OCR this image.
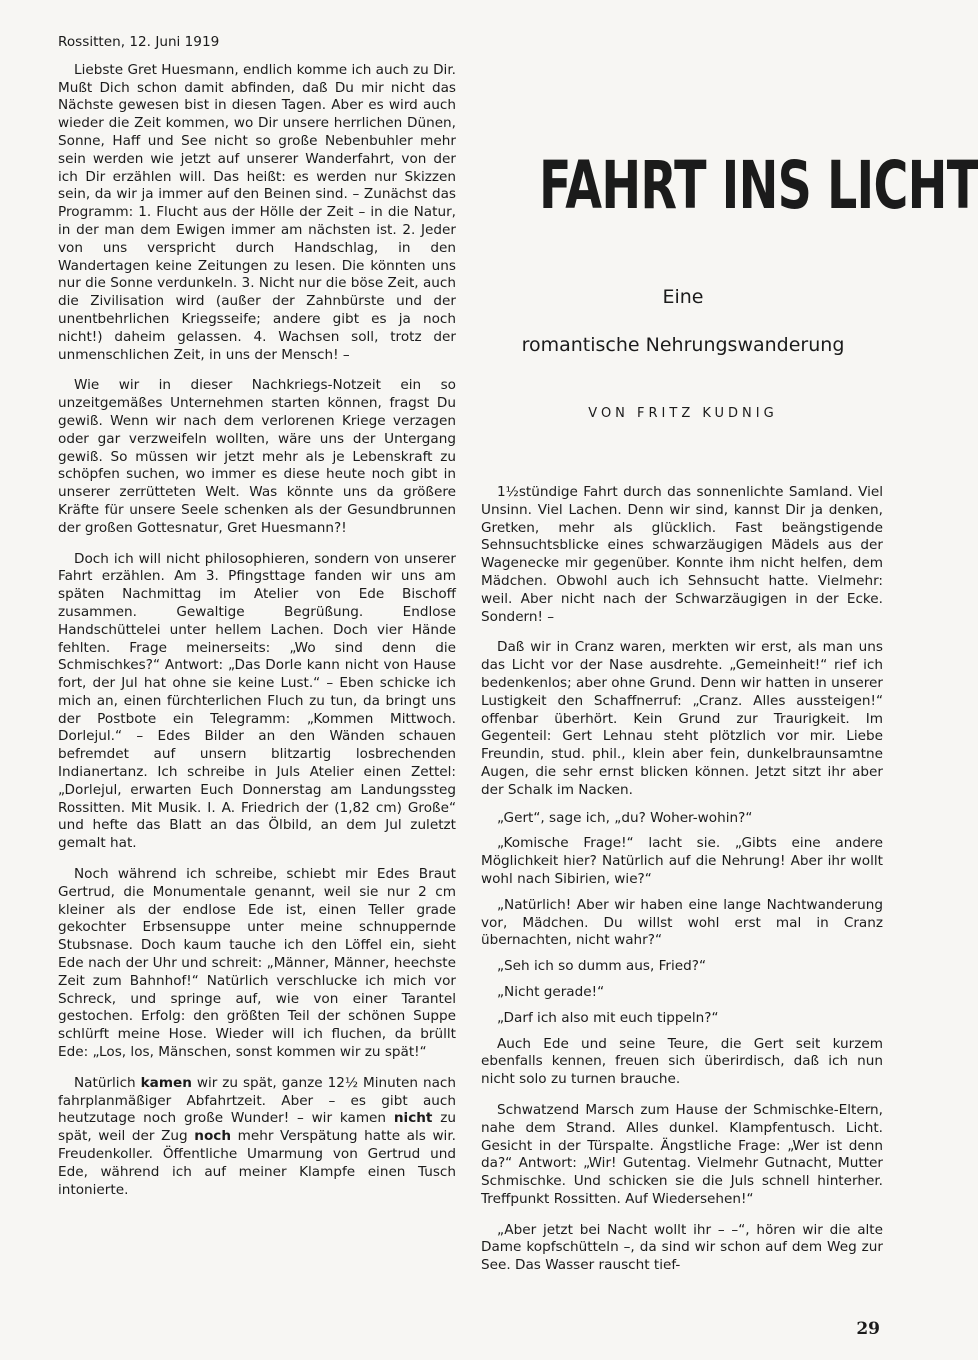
Rossitten, 12. Juni 1919

Liebste Gret Huesmann, endlich komme ich auch zu Dir. Mußt Dich schon damit abfinden, daß Du mir nicht das Nächste gewesen bist in diesen Tagen. Aber es wird auch wieder die Zeit kommen, wo Dir unsere herrlichen Dünen, Sonne, Haff und See nicht so große Nebenbuhler mehr sein werden wie jetzt auf unserer Wanderfahrt, von der ich Dir erzählen will. Das heißt: es werden nur Skizzen sein, da wir ja immer auf den Beinen sind. – Zunächst das Programm: 1. Flucht aus der Hölle der Zeit – in die Natur, in der man dem Ewigen immer am nächsten ist. 2. Jeder von uns verspricht durch Handschlag, in den Wandertagen keine Zeitungen zu lesen. Die könnten uns nur die Sonne verdunkeln. 3. Nicht nur die böse Zeit, auch die Zivilisation wird (außer der Zahnbürste und der unentbehrlichen Kriegsseife; andere gibt es ja noch nicht!) daheim gelassen. 4. Wachsen soll, trotz der unmenschlichen Zeit, in uns der Mensch! –

Wie wir in dieser Nachkriegs-Notzeit ein so unzeitgemäßes Unternehmen starten können, fragst Du gewiß. Wenn wir nach dem verlorenen Kriege verzagen oder gar verzweifeln wollten, wäre uns der Untergang gewiß. So müssen wir jetzt mehr als je Lebenskraft zu schöpfen suchen, wo immer es diese heute noch gibt in unserer zerrütteten Welt. Was könnte uns da größere Kräfte für unsere Seele schenken als der Gesundbrunnen der großen Gottesnatur, Gret Huesmann?!

Doch ich will nicht philosophieren, sondern von unserer Fahrt erzählen. Am 3. Pfingsttage fanden wir uns am späten Nachmittag im Atelier von Ede Bischoff zusammen. Gewaltige Begrüßung. Endlose Handschüttelei unter hellem Lachen. Doch vier Hände fehlten. Frage meinerseits: „Wo sind denn die Schmischkes?“ Antwort: „Das Dorle kann nicht von Hause fort, der Jul hat ohne sie keine Lust.“ – Eben schicke ich mich an, einen fürchterlichen Fluch zu tun, da bringt uns der Postbote ein Telegramm: „Kommen Mittwoch. Dorlejul.“ – Edes Bilder an den Wänden schauen befremdet auf unsern blitzartig losbrechenden Indianertanz. Ich schreibe in Juls Atelier einen Zettel: „Dorlejul, erwarten Euch Donnerstag am Landungssteg Rossitten. Mit Musik. I. A. Friedrich der (1,82 cm) Große“ und hefte das Blatt an das Ölbild, an dem Jul zuletzt gemalt hat.

Noch während ich schreibe, schiebt mir Edes Braut Gertrud, die Monumentale genannt, weil sie nur 2 cm kleiner als der endlose Ede ist, einen Teller grade gekochter Erbsensuppe unter meine schnuppernde Stubsnase. Doch kaum tauche ich den Löffel ein, sieht Ede nach der Uhr und schreit: „Männer, Männer, heechste Zeit zum Bahnhof!“ Natürlich verschlucke ich mich vor Schreck, und springe auf, wie von einer Tarantel gestochen. Erfolg: den größten Teil der schönen Suppe schlürft meine Hose. Wieder will ich fluchen, da brüllt Ede: „Los, los, Mänschen, sonst kommen wir zu spät!“

Natürlich kamen wir zu spät, ganze 12½ Minuten nach fahrplanmäßiger Abfahrtzeit. Aber – es gibt auch heutzutage noch große Wunder! – wir kamen nicht zu spät, weil der Zug noch mehr Verspätung hatte als wir. Freudenkoller. Öffentliche Umarmung von Gertrud und Ede, während ich auf meiner Klampfe einen Tusch intonierte.

FAHRT INS LICHT
Eine
romantische Nehrungswanderung
VON FRITZ KUDNIG

1½stündige Fahrt durch das sonnenlichte Samland. Viel Unsinn. Viel Lachen. Denn wir sind, kannst Dir ja denken, Gretken, mehr als glücklich. Fast beängstigende Sehnsuchtsblicke eines schwarzäugigen Mädels aus der Wagenecke mir gegenüber. Konnte ihm nicht helfen, dem Mädchen. Obwohl auch ich Sehnsucht hatte. Vielmehr: weil. Aber nicht nach der Schwarzäugigen in der Ecke. Sondern! –

Daß wir in Cranz waren, merkten wir erst, als man uns das Licht vor der Nase ausdrehte. „Gemeinheit!“ rief ich bedenkenlos; aber ohne Grund. Denn wir hatten in unserer Lustigkeit den Schaffnerruf: „Cranz. Alles aussteigen!“ offenbar überhört. Kein Grund zur Traurigkeit. Im Gegenteil: Gert Lehnau steht plötzlich vor mir. Liebe Freundin, stud. phil., klein aber fein, dunkelbraunsamtne Augen, die sehr ernst blicken können. Jetzt sitzt ihr aber der Schalk im Nacken.

„Gert“, sage ich, „du? Woher-wohin?“

„Komische Frage!“ lacht sie. „Gibts eine andere Möglichkeit hier? Natürlich auf die Nehrung! Aber ihr wollt wohl nach Sibirien, wie?“

„Natürlich! Aber wir haben eine lange Nachtwanderung vor, Mädchen. Du willst wohl erst mal in Cranz übernachten, nicht wahr?“

„Seh ich so dumm aus, Fried?“

„Nicht gerade!“

„Darf ich also mit euch tippeln?“

Auch Ede und seine Teure, die Gert seit kurzem ebenfalls kennen, freuen sich überirdisch, daß ich nun nicht solo zu turnen brauche.

Schwatzend Marsch zum Hause der Schmischke-Eltern, nahe dem Strand. Alles dunkel. Klampfentusch. Licht. Gesicht in der Türspalte. Ängstliche Frage: „Wer ist denn da?“ Antwort: „Wir! Gutentag. Vielmehr Gutnacht, Mutter Schmischke. Und schicken sie die Juls schnell hinterher. Treffpunkt Rossitten. Auf Wiedersehen!“

„Aber jetzt bei Nacht wollt ihr – –“, hören wir die alte Dame kopfschütteln –, da sind wir schon auf dem Weg zur See. Das Wasser rauscht tief-

29
